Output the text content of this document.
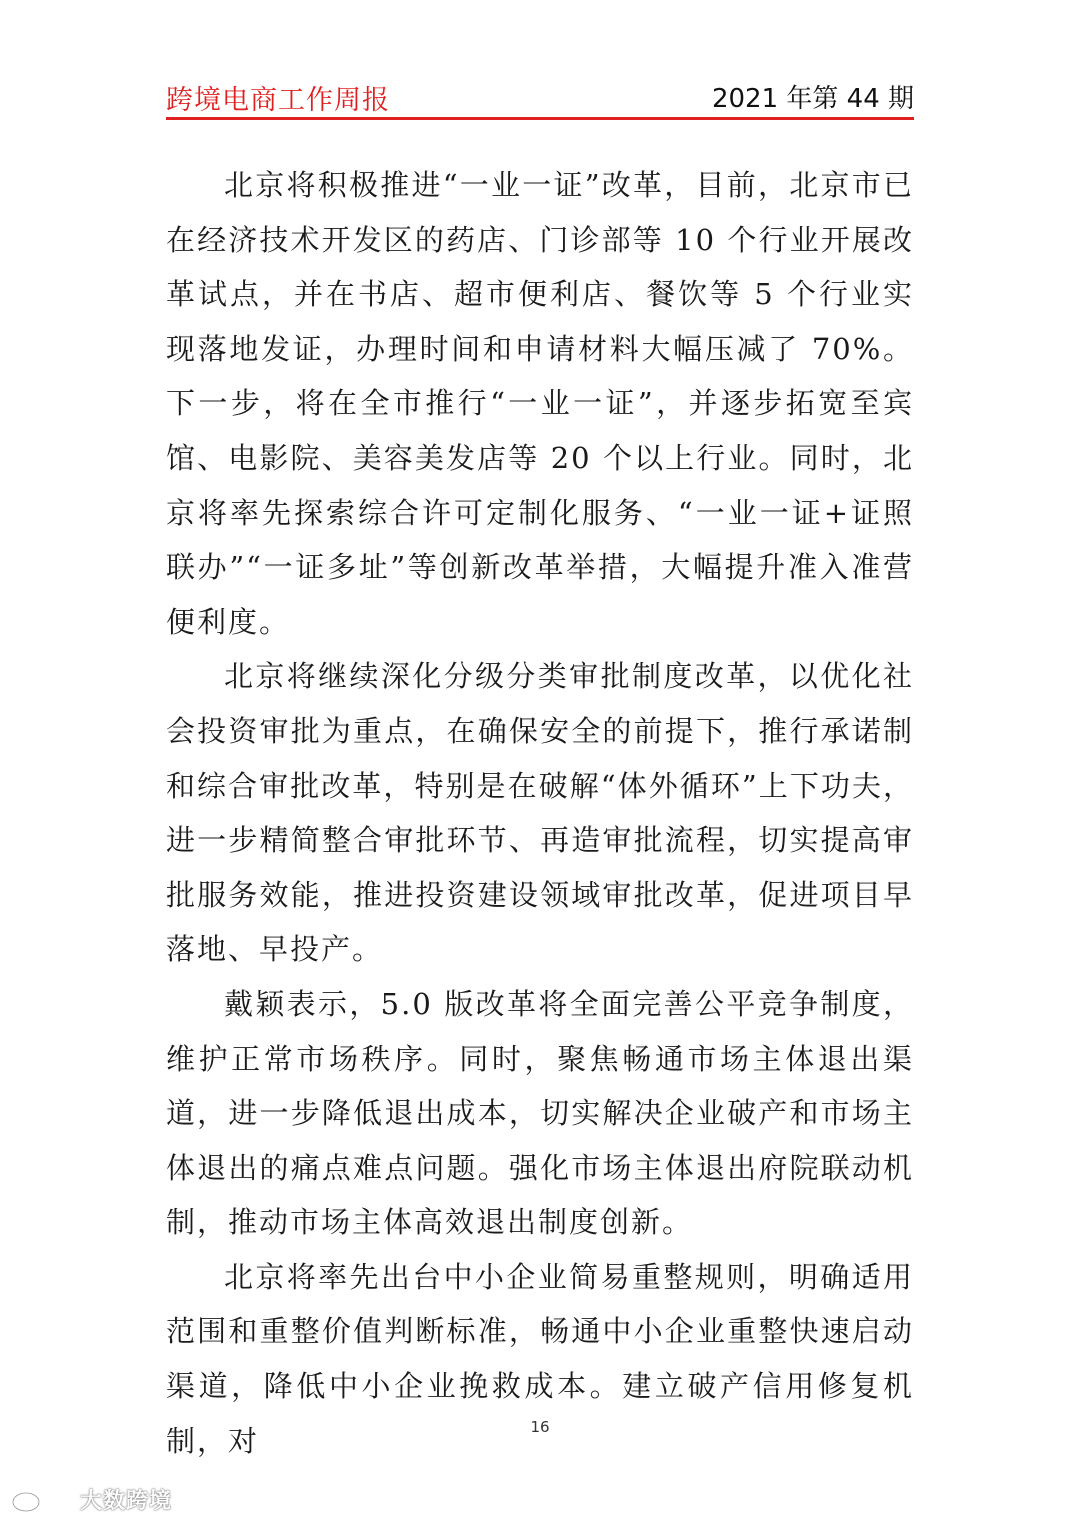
跨境电商工作周报	2021 年第 44 期

北京将积极推进“一业一证”改革，目前，北京市已在经济技术开发区的药店、门诊部等 10 个行业开展改革试点，并在书店、超市便利店、餐饮等 5 个行业实现落地发证，办理时间和申请材料大幅压减了 70%。下一步，将在全市推行“一业一证”，并逐步拓宽至宾馆、电影院、美容美发店等 20 个以上行业。同时，北京将率先探索综合许可定制化服务、“一业一证+证照联办”“一证多址”等创新改革举措，大幅提升准入准营便利度。

北京将继续深化分级分类审批制度改革，以优化社会投资审批为重点，在确保安全的前提下，推行承诺制和综合审批改革，特别是在破解“体外循环”上下功夫，进一步精简整合审批环节、再造审批流程，切实提高审批服务效能，推进投资建设领域审批改革，促进项目早落地、早投产。

戴颖表示，5.0 版改革将全面完善公平竞争制度，维护正常市场秩序。同时，聚焦畅通市场主体退出渠道，进一步降低退出成本，切实解决企业破产和市场主体退出的痛点难点问题。强化市场主体退出府院联动机制，推动市场主体高效退出制度创新。

北京将率先出台中小企业简易重整规则，明确适用范围和重整价值判断标准，畅通中小企业重整快速启动渠道，降低中小企业挽救成本。建立破产信用修复机制，对	16
大数跨境
